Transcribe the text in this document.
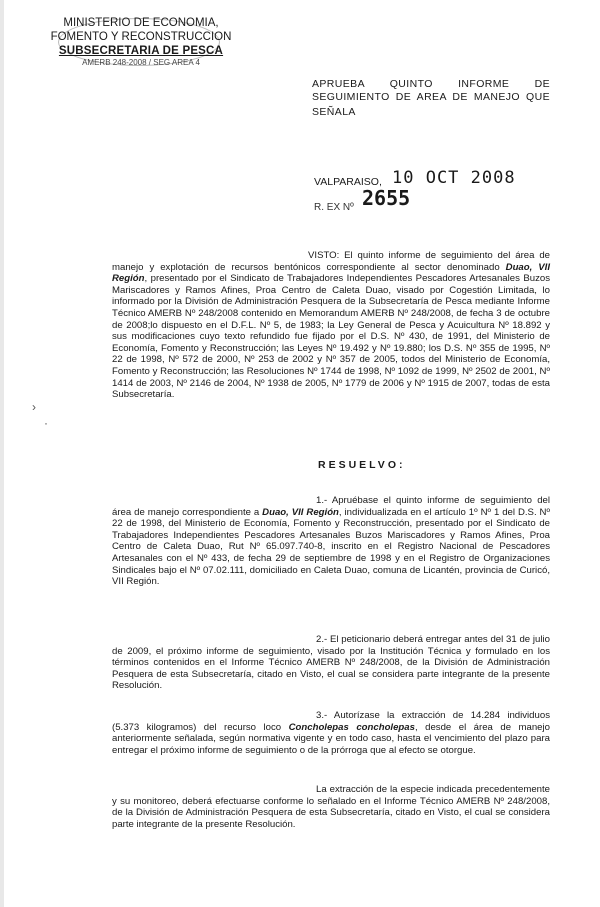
MINISTERIO DE ECONOMIA,
FOMENTO Y RECONSTRUCCION
SUBSECRETARIA DE PESCA
AMERB 248-2008 / SEG AREA 4
APRUEBA QUINTO INFORME DE SEGUIMIENTO DE AREA DE MANEJO QUE
SEÑALA
VALPARAISO, 10 OCT 2008
R. EX Nº 2655
VISTO: El quinto informe de seguimiento del área de manejo y explotación de recursos bentónicos correspondiente al sector denominado Duao, VII Región, presentado por el Sindicato de Trabajadores Independientes Pescadores Artesanales Buzos Mariscadores y Ramos Afines, Proa Centro de Caleta Duao, visado por Cogestión Limitada, lo informado por la División de Administración Pesquera de la Subsecretaría de Pesca mediante Informe Técnico AMERB Nº 248/2008 contenido en Memorandum AMERB Nº 248/2008, de fecha 3 de octubre de 2008;lo dispuesto en el D.F.L. Nº 5, de 1983; la Ley General de Pesca y Acuicultura Nº 18.892 y sus modificaciones cuyo texto refundido fue fijado por el D.S. Nº 430, de 1991, del Ministerio de Economía, Fomento y Reconstrucción; las Leyes Nº 19.492 y Nº 19.880; los D.S. Nº 355 de 1995, Nº 22 de 1998, Nº 572 de 2000, Nº 253 de 2002 y Nº 357 de 2005, todos del Ministerio de Economía, Fomento y Reconstrucción; las Resoluciones Nº 1744 de 1998, Nº 1092 de 1999, Nº 2502 de 2001, Nº 1414 de 2003, Nº 2146 de 2004, Nº 1938 de 2005, Nº 1779 de 2006 y Nº 1915 de 2007, todas de esta Subsecretaría.
›
·
RESUELVO:
1.- Apruébase el quinto informe de seguimiento del área de manejo correspondiente a Duao, VII Región, individualizada en el artículo 1º Nº 1 del D.S. Nº 22 de 1998, del Ministerio de Economía, Fomento y Reconstrucción, presentado por el Sindicato de Trabajadores Independientes Pescadores Artesanales Buzos Mariscadores y Ramos Afines, Proa Centro de Caleta Duao, Rut Nº 65.097.740-8, inscrito en el Registro Nacional de Pescadores Artesanales con el Nº 433, de fecha 29 de septiembre de 1998 y en el Registro de Organizaciones Sindicales bajo el Nº 07.02.111, domiciliado en Caleta Duao, comuna de Licantén, provincia de Curicó, VII Región.
2.- El peticionario deberá entregar antes del 31 de julio de 2009, el próximo informe de seguimiento, visado por la Institución Técnica y formulado en los términos contenidos en el Informe Técnico AMERB Nº 248/2008, de la División de Administración Pesquera de esta Subsecretaría, citado en Visto, el cual se considera parte integrante de la presente Resolución.
3.- Autorízase la extracción de 14.284 individuos (5.373 kilogramos) del recurso loco Concholepas concholepas, desde el área de manejo anteriormente señalada, según normativa vigente y en todo caso, hasta el vencimiento del plazo para entregar el próximo informe de seguimiento o de la prórroga que al efecto se otorgue.
La extracción de la especie indicada precedentemente y su monitoreo, deberá efectuarse conforme lo señalado en el Informe Técnico AMERB Nº 248/2008, de la División de Administración Pesquera de esta Subsecretaría, citado en Visto, el cual se considera parte integrante de la presente Resolución.
